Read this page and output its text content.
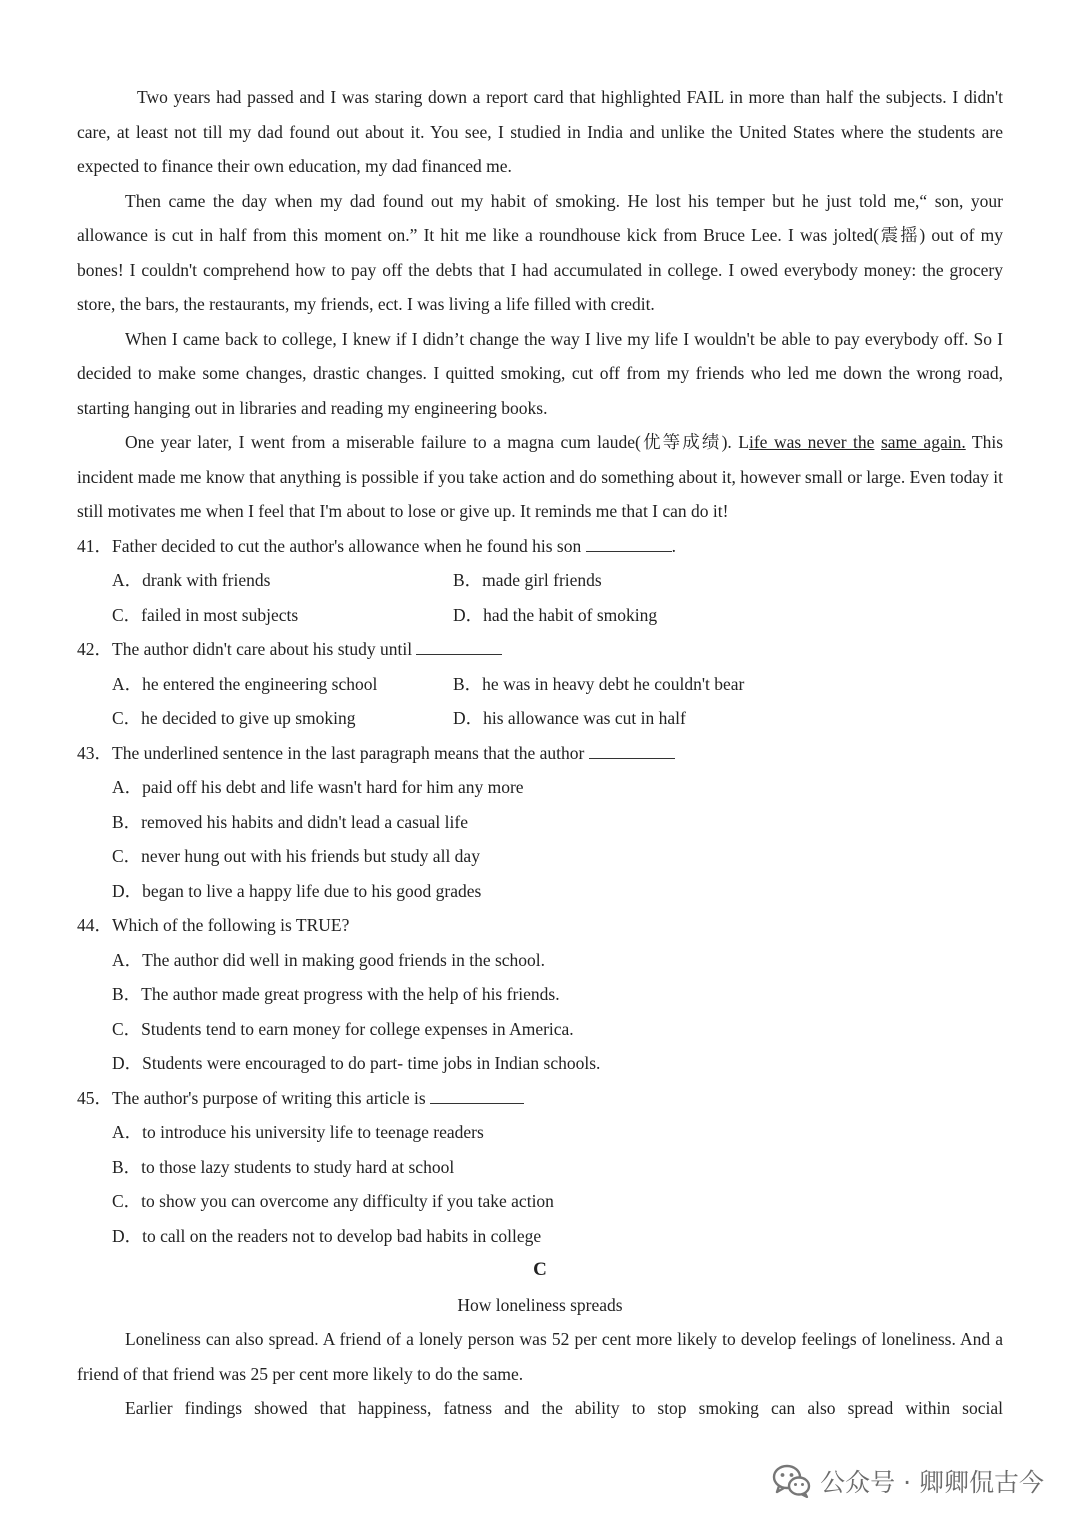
Two years had passed and I was staring down a report card that highlighted FAIL in more than half the subjects. I didn't care, at least not till my dad found out about it. You see, I studied in India and unlike the United States where the students are expected to finance their own education, my dad financed me.

Then came the day when my dad found out my habit of smoking. He lost his temper but he just told me,“ son, your allowance is cut in half from this moment on.” It hit me like a roundhouse kick from Bruce Lee. I was jolted(震摇) out of my bones! I couldn't comprehend how to pay off the debts that I had accumulated in college. I owed everybody money: the grocery store, the bars, the restaurants, my friends, ect. I was living a life filled with credit.

When I came back to college, I knew if I didn’t change the way I live my life I wouldn't be able to pay everybody off. So I decided to make some changes, drastic changes. I quitted smoking, cut off from my friends who led me down the wrong road, starting hanging out in libraries and reading my engineering books.

One year later, I went from a miserable failure to a magna cum laude(优等成绩). Life was never the same again. This incident made me know that anything is possible if you take action and do something about it, however small or large. Even today it still motivates me when I feel that I'm about to lose or give up. It reminds me that I can do it!

41．Father decided to cut the author's allowance when he found his son	.

A．drank with friends	B．made girl friends
C．failed in most subjects	D．had the habit of smoking

42．The author didn't care about his study until

A．he entered the engineering school	B．he was in heavy debt he couldn't bear
C．he decided to give up smoking	D．his allowance was cut in half

43．The underlined sentence in the last paragraph means that the author

A．paid off his debt and life wasn't hard for him any more
B．removed his habits and didn't lead a casual life
C．never hung out with his friends but study all day
D．began to live a happy life due to his good grades

44．Which of the following is TRUE?

A．The author did well in making good friends in the school.
B．The author made great progress with the help of his friends.
C．Students tend to earn money for college expenses in America.
D．Students were encouraged to do part- time jobs in Indian schools.

45．The author's purpose of writing this article is

A．to introduce his university life to teenage readers
B．to those lazy students to study hard at school
C．to show you can overcome any difficulty if you take action
D．to call on the readers not to develop bad habits in college
C
How loneliness spreads

Loneliness can also spread. A friend of a lonely person was 52 per cent more likely to develop feelings of loneliness. And a friend of that friend was 25 per cent more likely to do the same.

Earlier findings showed that happiness, fatness and the ability to stop smoking can also spread within social

公众号 · 卿卿侃古今
